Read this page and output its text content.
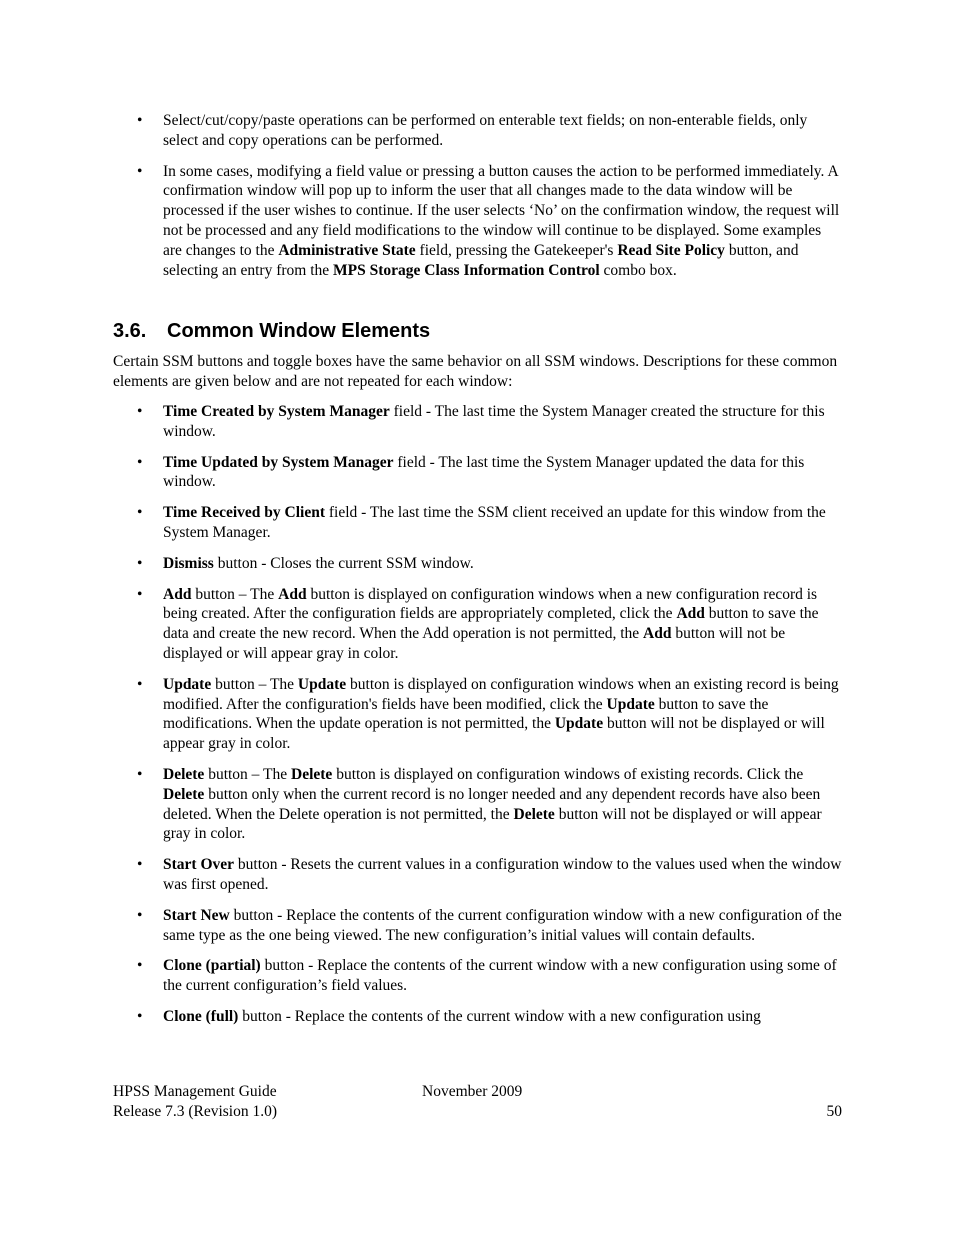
• Select/cut/copy/paste operations can be performed on enterable text fields; on non-enterable fields, only select and copy operations can be performed.
• In some cases, modifying a field value or pressing a button causes the action to be performed immediately. A confirmation window will pop up to inform the user that all changes made to the data window will be processed if the user wishes to continue. If the user selects ‘No’ on the confirmation window, the request will not be processed and any field modifications to the window will continue to be displayed. Some examples are changes to the Administrative State field, pressing the Gatekeeper's Read Site Policy button, and selecting an entry from the MPS Storage Class Information Control combo box.
3.6. Common Window Elements

Certain SSM buttons and toggle boxes have the same behavior on all SSM windows. Descriptions for these common elements are given below and are not repeated for each window:

• Time Created by System Manager field - The last time the System Manager created the structure for this window.
• Time Updated by System Manager field - The last time the System Manager updated the data for this window.
• Time Received by Client field - The last time the SSM client received an update for this window from the System Manager.
• Dismiss button - Closes the current SSM window.
• Add button – The Add button is displayed on configuration windows when a new configuration record is being created. After the configuration fields are appropriately completed, click the Add button to save the data and create the new record. When the Add operation is not permitted, the Add button will not be displayed or will appear gray in color.
• Update button – The Update button is displayed on configuration windows when an existing record is being modified. After the configuration's fields have been modified, click the Update button to save the modifications. When the update operation is not permitted, the Update button will not be displayed or will appear gray in color.
• Delete button – The Delete button is displayed on configuration windows of existing records. Click the Delete button only when the current record is no longer needed and any dependent records have also been deleted. When the Delete operation is not permitted, the Delete button will not be displayed or will appear gray in color.
• Start Over button - Resets the current values in a configuration window to the values used when the window was first opened.
• Start New button - Replace the contents of the current configuration window with a new configuration of the same type as the one being viewed. The new configuration’s initial values will contain defaults.
• Clone (partial) button - Replace the contents of the current window with a new configuration using some of the current configuration’s field values.
• Clone (full) button - Replace the contents of the current window with a new configuration using
HPSS Management Guide
Release 7.3 (Revision 1.0)
November 2009
50
